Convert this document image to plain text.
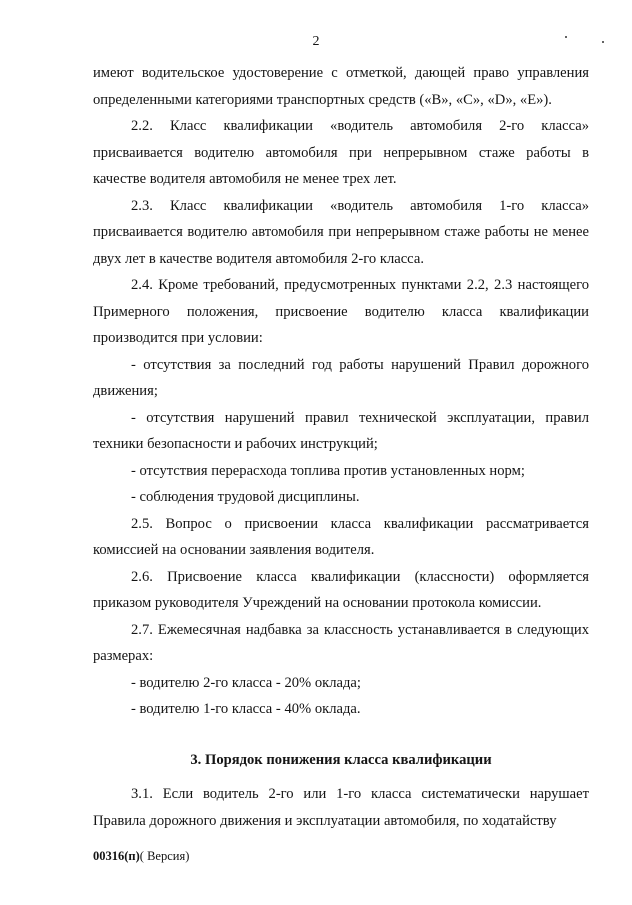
2

имеют водительское удостоверение с отметкой, дающей право управления определенными категориями транспортных средств («В», «С», «D», «Е»).

2.2. Класс квалификации «водитель автомобиля 2-го класса» присваивается водителю автомобиля при непрерывном стаже работы в качестве водителя автомобиля не менее трех лет.

2.3. Класс квалификации «водитель автомобиля 1-го класса» присваивается водителю автомобиля при непрерывном стаже работы не менее двух лет в качестве водителя автомобиля 2-го класса.

2.4. Кроме требований, предусмотренных пунктами 2.2, 2.3 настоящего Примерного положения, присвоение водителю класса квалификации производится при условии:

- отсутствия за последний год работы нарушений Правил дорожного движения;

- отсутствия нарушений правил технической эксплуатации, правил техники безопасности и рабочих инструкций;

- отсутствия перерасхода топлива против установленных норм;

- соблюдения трудовой дисциплины.

2.5. Вопрос о присвоении класса квалификации рассматривается комиссией на основании заявления водителя.

2.6. Присвоение класса квалификации (классности) оформляется приказом руководителя Учреждений на основании протокола комиссии.

2.7. Ежемесячная надбавка за классность устанавливается в следующих размерах:

- водителю 2-го класса - 20% оклада;

- водителю 1-го класса - 40% оклада.

3. Порядок понижения класса квалификации

3.1. Если водитель 2-го или 1-го класса систематически нарушает Правила дорожного движения и эксплуатации автомобиля, по ходатайству

00316(п)( Версия)
